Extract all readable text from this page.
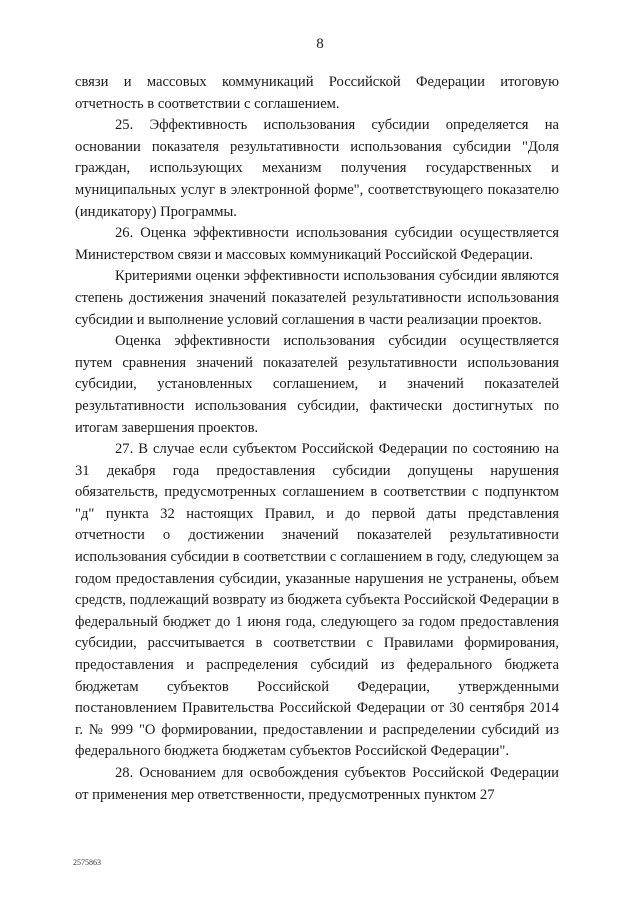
8

связи и массовых коммуникаций Российской Федерации итоговую отчетность в соответствии с соглашением.

25. Эффективность использования субсидии определяется на основании показателя результативности использования субсидии "Доля граждан, использующих механизм получения государственных и муниципальных услуг в электронной форме", соответствующего показателю (индикатору) Программы.

26. Оценка эффективности использования субсидии осуществляется Министерством связи и массовых коммуникаций Российской Федерации.

Критериями оценки эффективности использования субсидии являются степень достижения значений показателей результативности использования субсидии и выполнение условий соглашения в части реализации проектов.

Оценка эффективности использования субсидии осуществляется путем сравнения значений показателей результативности использования субсидии, установленных соглашением, и значений показателей результативности использования субсидии, фактически достигнутых по итогам завершения проектов.

27. В случае если субъектом Российской Федерации по состоянию на 31 декабря года предоставления субсидии допущены нарушения обязательств, предусмотренных соглашением в соответствии с подпунктом "д" пункта 32 настоящих Правил, и до первой даты представления отчетности о достижении значений показателей результативности использования субсидии в соответствии с соглашением в году, следующем за годом предоставления субсидии, указанные нарушения не устранены, объем средств, подлежащий возврату из бюджета субъекта Российской Федерации в федеральный бюджет до 1 июня года, следующего за годом предоставления субсидии, рассчитывается в соответствии с Правилами формирования, предоставления и распределения субсидий из федерального бюджета бюджетам субъектов Российской Федерации, утвержденными постановлением Правительства Российской Федерации от 30 сентября 2014 г. № 999 "О формировании, предоставлении и распределении субсидий из федерального бюджета бюджетам субъектов Российской Федерации".

28. Основанием для освобождения субъектов Российской Федерации от применения мер ответственности, предусмотренных пунктом 27

2575863
